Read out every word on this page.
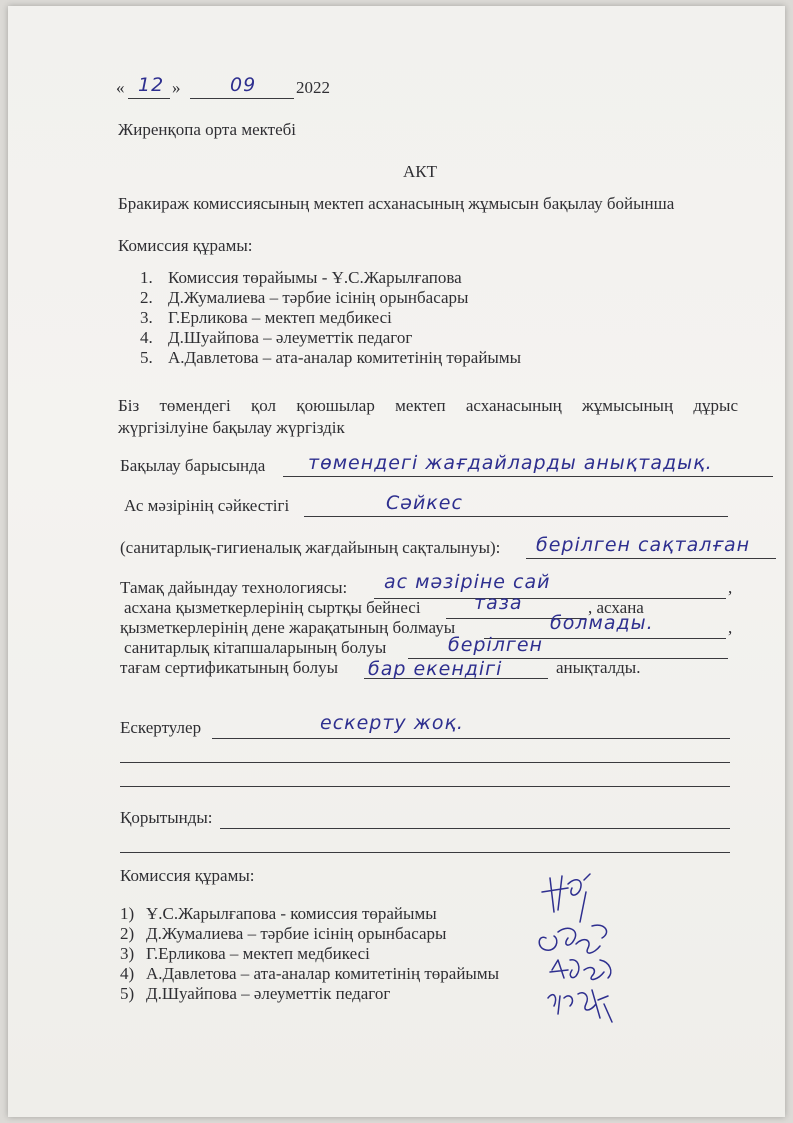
« 12 »	09 2022
Жиренқопа орта мектебі
АКТ
Бракираж комиссиясының мектеп асханасының жұмысын бақылау бойынша
Комиссия құрамы:
1. Комиссия төрайымы - Ұ.С.Жарылғапова
2. Д.Жумалиева – тәрбие ісінің орынбасары
3. Г.Ерликова – мектеп медбикесі
4. Д.Шуайпова – әлеуметтік педагог
5. А.Давлетова – ата-аналар комитетінің төрайымы
Біз төмендегі қол қоюшылар мектеп асханасының жұмысының дұрыс
жүргізілуіне бақылау жүргіздік
Бақылау барысында төмендегі жағдайларды анықтадық.
Ас мәзірінің сәйкестігі	Сәйкес
(санитарлық-гигиеналық жағдайының сақталынуы): берілген сақталған
Тамақ дайындау технологиясы: ас мәзіріне сай	,
асхана қызметкерлерінің сыртқы бейнесі	таза	, асхана
қызметкерлерінің дене жарақатының болмауы	болмады.	,
санитарлық кітапшаларының болуы	берілген
тағам сертификатының болуы бар екендігі	анықталды.
Ескертулер	ескерту жоқ.
Қорытынды:
Комиссия құрамы:
1) Ұ.С.Жарылғапова - комиссия төрайымы
2) Д.Жумалиева – тәрбие ісінің орынбасары
3) Г.Ерликова – мектеп медбикесі
4) А.Давлетова – ата-аналар комитетінің төрайымы
5) Д.Шуайпова – әлеуметтік педагог
